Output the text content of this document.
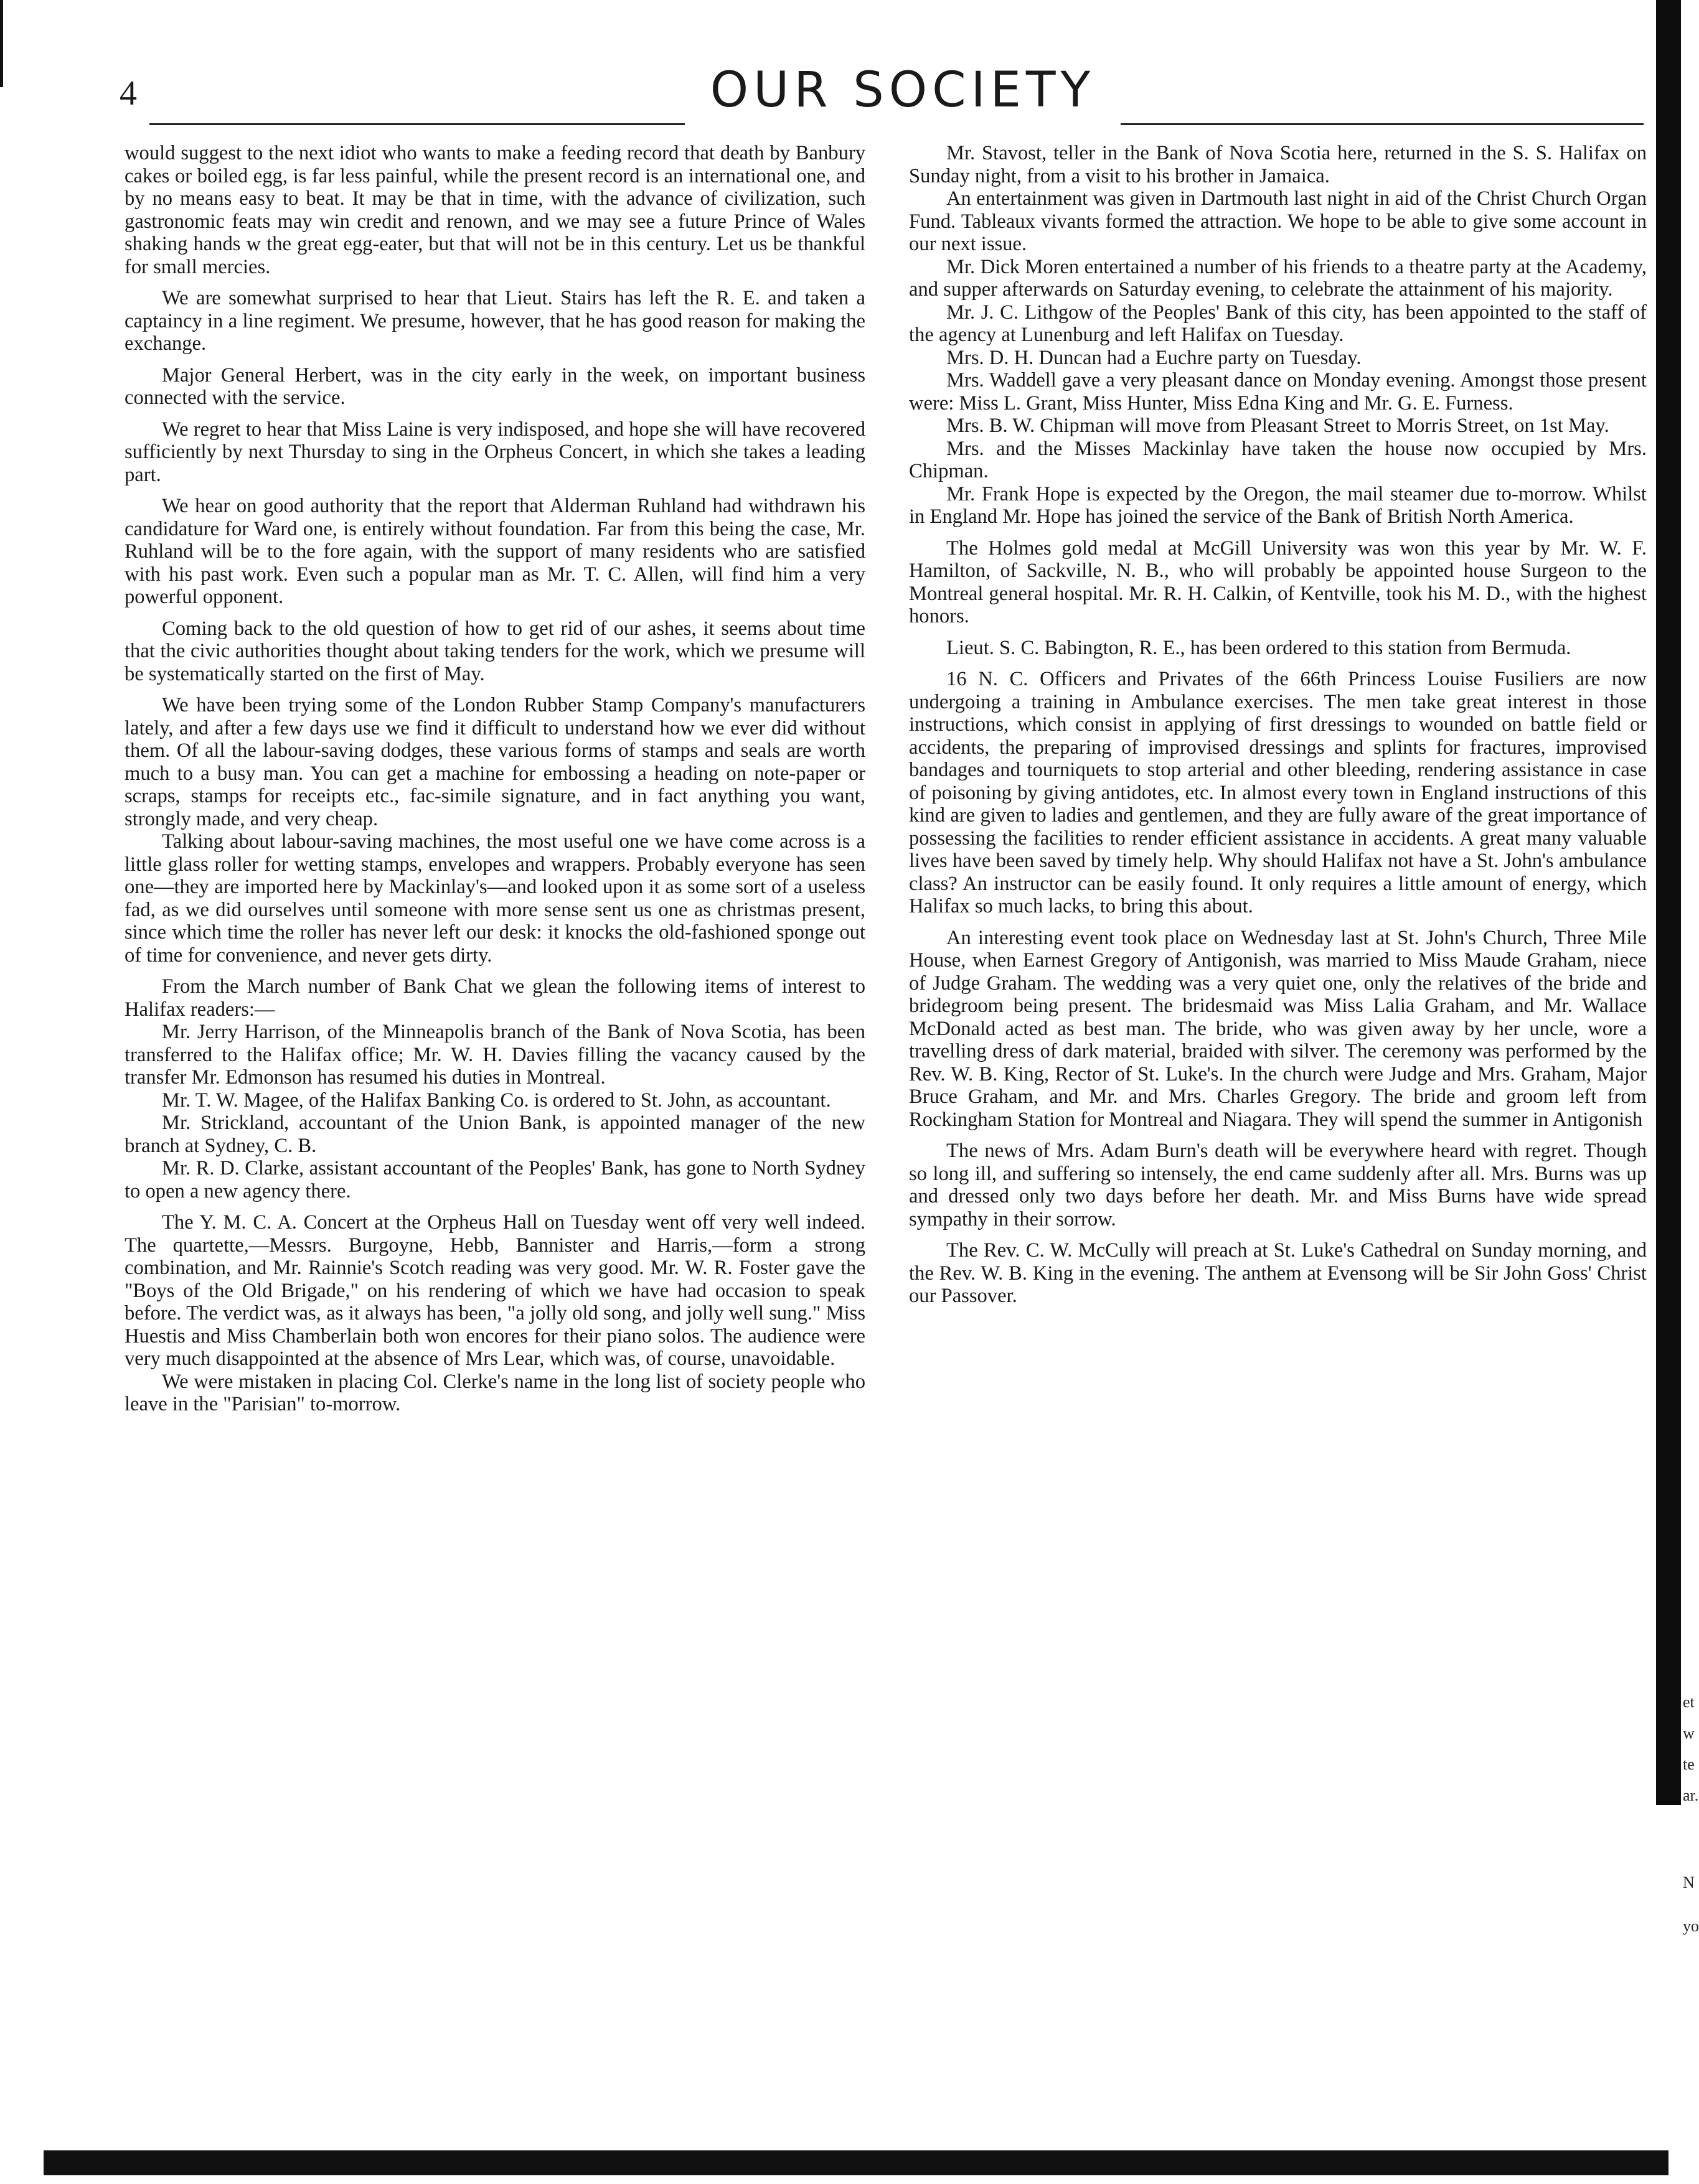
4	OUR SOCIETY

would suggest to the next idiot who wants to make a feeding record that death by Banbury cakes or boiled egg, is far less painful, while the present record is an international one, and by no means easy to beat. It may be that in time, with the advance of civilization, such gastronomic feats may win credit and renown, and we may see a future Prince of Wales shaking hands w the great egg-eater, but that will not be in this century. Let us be thankful for small mercies.

We are somewhat surprised to hear that Lieut. Stairs has left the R. E. and taken a captaincy in a line regiment. We presume, however, that he has good reason for making the exchange.

Major General Herbert, was in the city early in the week, on important business connected with the service.

We regret to hear that Miss Laine is very indisposed, and hope she will have recovered sufficiently by next Thursday to sing in the Orpheus Concert, in which she takes a leading part.

We hear on good authority that the report that Alderman Ruhland had withdrawn his candidature for Ward one, is entirely without foundation. Far from this being the case, Mr. Ruhland will be to the fore again, with the support of many residents who are satisfied with his past work. Even such a popular man as Mr. T. C. Allen, will find him a very powerful opponent.

Coming back to the old question of how to get rid of our ashes, it seems about time that the civic authorities thought about taking tenders for the work, which we presume will be systematically started on the first of May.

We have been trying some of the London Rubber Stamp Company's manufacturers lately, and after a few days use we find it difficult to understand how we ever did without them. Of all the labour-saving dodges, these various forms of stamps and seals are worth much to a busy man. You can get a machine for embossing a heading on note-paper or scraps, stamps for receipts etc., fac-simile signature, and in fact anything you want, strongly made, and very cheap.

Talking about labour-saving machines, the most useful one we have come across is a little glass roller for wetting stamps, envelopes and wrappers. Probably everyone has seen one—they are imported here by Mackinlay's—and looked upon it as some sort of a useless fad, as we did ourselves until someone with more sense sent us one as christmas present, since which time the roller has never left our desk: it knocks the old-fashioned sponge out of time for convenience, and never gets dirty.

From the March number of Bank Chat we glean the following items of interest to Halifax readers:—

Mr. Jerry Harrison, of the Minneapolis branch of the Bank of Nova Scotia, has been transferred to the Halifax office; Mr. W. H. Davies filling the vacancy caused by the transfer Mr. Edmonson has resumed his duties in Montreal.

Mr. T. W. Magee, of the Halifax Banking Co. is ordered to St. John, as accountant.

Mr. Strickland, accountant of the Union Bank, is appointed manager of the new branch at Sydney, C. B.

Mr. R. D. Clarke, assistant accountant of the Peoples' Bank, has gone to North Sydney to open a new agency there.

The Y. M. C. A. Concert at the Orpheus Hall on Tuesday went off very well indeed. The quartette,—Messrs. Burgoyne, Hebb, Bannister and Harris,—form a strong combination, and Mr. Rainnie's Scotch reading was very good. Mr. W. R. Foster gave the "Boys of the Old Brigade," on his rendering of which we have had occasion to speak before. The verdict was, as it always has been, "a jolly old song, and jolly well sung." Miss Huestis and Miss Chamberlain both won encores for their piano solos. The audience were very much disappointed at the absence of Mrs Lear, which was, of course, unavoidable.

We were mistaken in placing Col. Clerke's name in the long list of society people who leave in the "Parisian" to-morrow.

Mr. Stavost, teller in the Bank of Nova Scotia here, returned in the S. S. Halifax on Sunday night, from a visit to his brother in Jamaica.

An entertainment was given in Dartmouth last night in aid of the Christ Church Organ Fund. Tableaux vivants formed the attraction. We hope to be able to give some account in our next issue.

Mr. Dick Moren entertained a number of his friends to a theatre party at the Academy, and supper afterwards on Saturday evening, to celebrate the attainment of his majority.

Mr. J. C. Lithgow of the Peoples' Bank of this city, has been appointed to the staff of the agency at Lunenburg and left Halifax on Tuesday.

Mrs. D. H. Duncan had a Euchre party on Tuesday.

Mrs. Waddell gave a very pleasant dance on Monday evening. Amongst those present were: Miss L. Grant, Miss Hunter, Miss Edna King and Mr. G. E. Furness.

Mrs. B. W. Chipman will move from Pleasant Street to Morris Street, on 1st May.

Mrs. and the Misses Mackinlay have taken the house now occupied by Mrs. Chipman.

Mr. Frank Hope is expected by the Oregon, the mail steamer due to-morrow. Whilst in England Mr. Hope has joined the service of the Bank of British North America.

The Holmes gold medal at McGill University was won this year by Mr. W. F. Hamilton, of Sackville, N. B., who will probably be appointed house Surgeon to the Montreal general hospital. Mr. R. H. Calkin, of Kentville, took his M. D., with the highest honors.

Lieut. S. C. Babington, R. E., has been ordered to this station from Bermuda.

16 N. C. Officers and Privates of the 66th Princess Louise Fusiliers are now undergoing a training in Ambulance exercises. The men take great interest in those instructions, which consist in applying of first dressings to wounded on battle field or accidents, the preparing of improvised dressings and splints for fractures, improvised bandages and tourniquets to stop arterial and other bleeding, rendering assistance in case of poisoning by giving antidotes, etc. In almost every town in England instructions of this kind are given to ladies and gentlemen, and they are fully aware of the great importance of possessing the facilities to render efficient assistance in accidents. A great many valuable lives have been saved by timely help. Why should Halifax not have a St. John's ambulance class? An instructor can be easily found. It only requires a little amount of energy, which Halifax so much lacks, to bring this about.

An interesting event took place on Wednesday last at St. John's Church, Three Mile House, when Earnest Gregory of Antigonish, was married to Miss Maude Graham, niece of Judge Graham. The wedding was a very quiet one, only the relatives of the bride and bridegroom being present. The bridesmaid was Miss Lalia Graham, and Mr. Wallace McDonald acted as best man. The bride, who was given away by her uncle, wore a travelling dress of dark material, braided with silver. The ceremony was performed by the Rev. W. B. King, Rector of St. Luke's. In the church were Judge and Mrs. Graham, Major Bruce Graham, and Mr. and Mrs. Charles Gregory. The bride and groom left from Rockingham Station for Montreal and Niagara. They will spend the summer in Antigonish

The news of Mrs. Adam Burn's death will be everywhere heard with regret. Though so long ill, and suffering so intensely, the end came suddenly after all. Mrs. Burns was up and dressed only two days before her death. Mr. and Miss Burns have wide spread sympathy in their sorrow.

The Rev. C. W. McCully will preach at St. Luke's Cathedral on Sunday morning, and the Rev. W. B. King in the evening. The anthem at Evensong will be Sir John Goss' Christ our Passover.

et
w
te
ar.
N
yo
